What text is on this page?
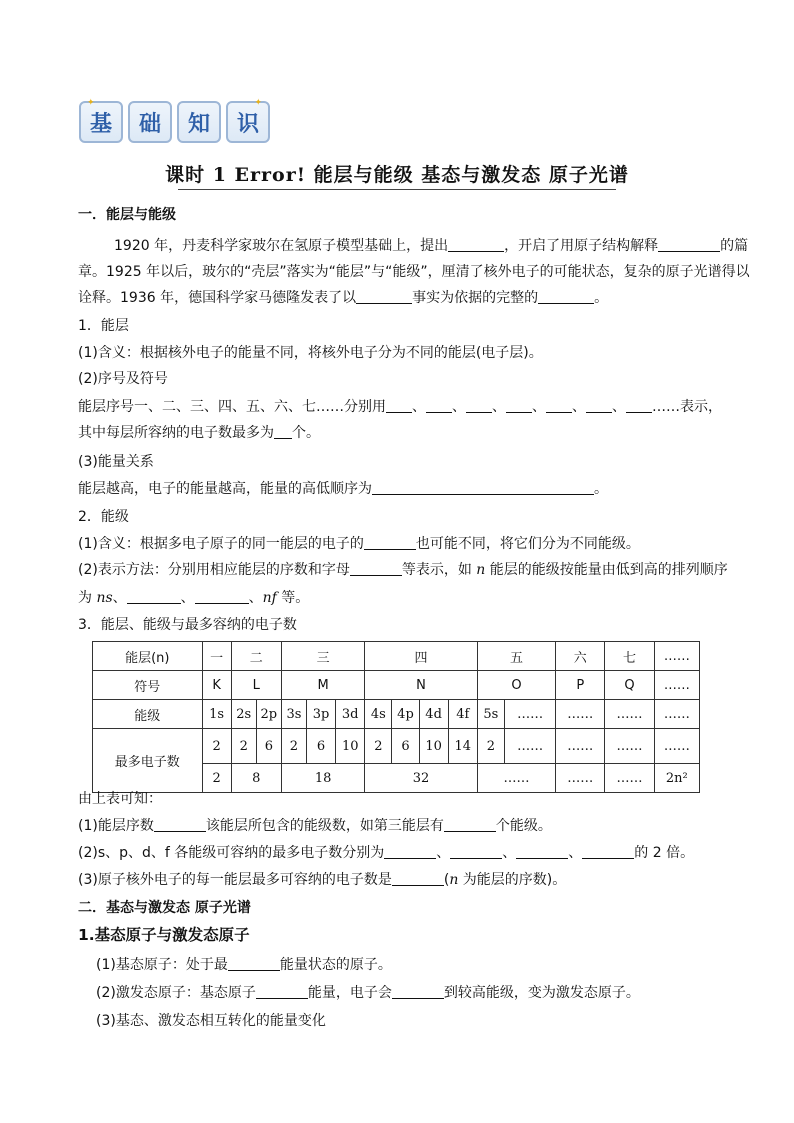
✦
基 础 知
✦
识
课时 1 Error! 能层与能级 基态与激发态 原子光谱
一．能层与能级
1920 年，丹麦科学家玻尔在氢原子模型基础上，提出	，开启了用原子结构解释	的篇
章。1925 年以后，玻尔的“壳层”落实为“能层”与“能级”，厘清了核外电子的可能状态，复杂的原子光谱得以
诠释。1936 年，德国科学家马德隆发表了以	事实为依据的完整的	。
1．能层
(1)含义：根据核外电子的能量不同，将核外电子分为不同的能层(电子层)。
(2)序号及符号
能层序号一、二、三、四、五、六、七……分别用 、 、 、 、 、 、 ……表示，
其中每层所容纳的电子数最多为 个。
(3)能量关系
能层越高，电子的能量越高，能量的高低顺序为	。
2．能级
(1)含义：根据多电子原子的同一能层的电子的	也可能不同，将它们分为不同能级。
(2)表示方法：分别用相应能层的序数和字母	等表示，如 n 能层的能级按能量由低到高的排列顺序
为 ns、	、	、nf 等。
3．能层、能级与最多容纳的电子数
能层(n)	一	二		三			四				五		六	七	……
符号	K	L		M			N				O		P	Q	……
能级	1s	2s	2p	3s	3p	3d	4s	4p	4d	4f	5s	……	……	……	……
最多电子数	2	2	6	2	6	10	2	6	10	14	2	……	……	……	……
	2	8		18			32				……		……	……	2n²
由上表可知：
(1)能层序数	该能层所包含的能级数，如第三能层有	个能级。
(2)s、p、d、f 各能级可容纳的最多电子数分别为	、	、	、	的 2 倍。
(3)原子核外电子的每一能层最多可容纳的电子数是	(n 为能层的序数)。
二．基态与激发态 原子光谱
1.基态原子与激发态原子
(1)基态原子：处于最	能量状态的原子。
(2)激发态原子：基态原子	能量，电子会	到较高能级，变为激发态原子。
(3)基态、激发态相互转化的能量变化
